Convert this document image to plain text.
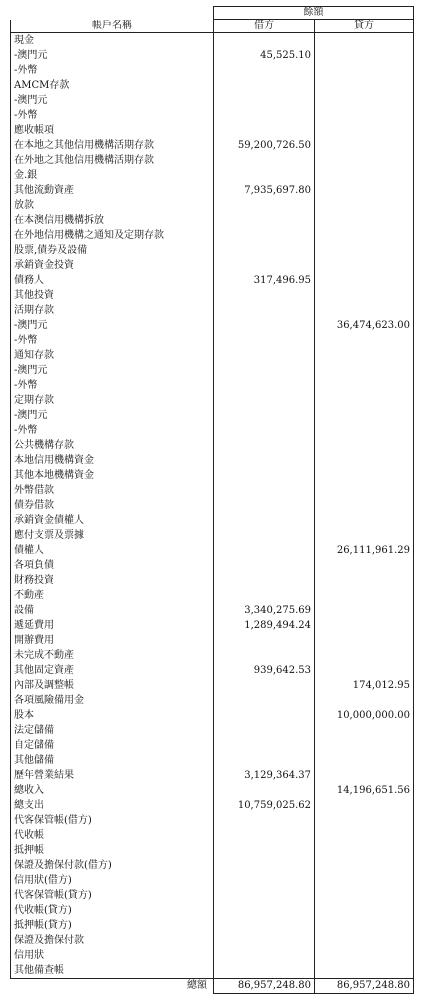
	餘額	
帳戶名稱	借方	貸方
現金		
-澳門元	45,525.10	
-外幣		
AMCM存款		
-澳門元		
-外幣		
應收帳項		
在本地之其他信用機構活期存款	59,200,726.50	
在外地之其他信用機構活期存款		
金.銀		
其他流動資產	7,935,697.80	
放款		
在本澳信用機構拆放		
在外地信用機構之通知及定期存款		
股票,債券及設備		
承銷資金投資		
債務人	317,496.95	
其他投資		
活期存款		
-澳門元		36,474,623.00
-外幣		
通知存款		
-澳門元		
-外幣		
定期存款		
-澳門元		
-外幣		
公共機構存款		
本地信用機構資金		
其他本地機構資金		
外幣借款		
債券借款		
承銷資金債權人		
應付支票及票據		
債權人		26,111,961.29
各項負債		
財務投資		
不動產		
設備	3,340,275.69	
遞延費用	1,289,494.24	
開辦費用		
未完成不動產		
其他固定資產	939,642.53	
內部及調整帳		174,012.95
各項風險備用金		
股本		10,000,000.00
法定儲備		
自定儲備		
其他儲備		
歷年營業結果	3,129,364.37	
總收入		14,196,651.56
總支出	10,759,025.62	
代客保管帳(借方)		
代收帳		
抵押帳		
保證及擔保付款(借方)		
信用狀(借方)		
代客保管帳(貸方)		
代收帳(貸方)		
抵押帳(貸方)		
保證及擔保付款		
信用狀		
其他備查帳		
總額	86,957,248.80	86,957,248.80
